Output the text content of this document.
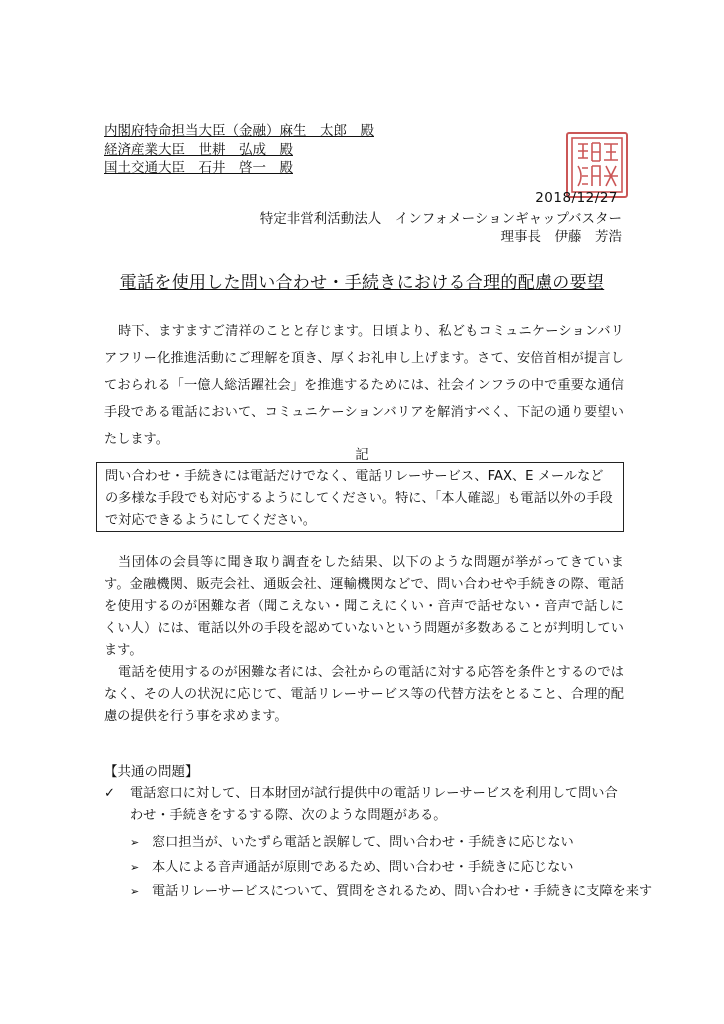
内閣府特命担当大臣（金融）麻生　太郎　殿
経済産業大臣　世耕　弘成　殿
国土交通大臣　石井　啓一　殿
2018/12/27
特定非営利活動法人　インフォメーションギャップバスター
理事長　伊藤　芳浩
電話を使用した問い合わせ・手続きにおける合理的配慮の要望
時下、ますますご清祥のことと存じます。日頃より、私どもコミュニケーションバリアフリー化推進活動にご理解を頂き、厚くお礼申し上げます。さて、安倍首相が提言しておられる「一億人総活躍社会」を推進するためには、社会インフラの中で重要な通信手段である電話において、コミュニケーションバリアを解消すべく、下記の通り要望いたします。
記
問い合わせ・手続きには電話だけでなく、電話リレーサービス、FAX、E メールなどの多様な手段でも対応するようにしてください。特に、「本人確認」も電話以外の手段で対応できるようにしてください。
当団体の会員等に聞き取り調査をした結果、以下のような問題が挙がってきています。金融機関、販売会社、通販会社、運輸機関などで、問い合わせや手続きの際、電話を使用するのが困難な者（聞こえない・聞こえにくい・音声で話せない・音声で話しにくい人）には、電話以外の手段を認めていないという問題が多数あることが判明しています。
電話を使用するのが困難な者には、会社からの電話に対する応答を条件とするのではなく、その人の状況に応じて、電話リレーサービス等の代替方法をとること、合理的配慮の提供を行う事を求めます。
【共通の問題】
✓	電話窓口に対して、日本財団が試行提供中の電話リレーサービスを利用して問い合わせ・手続きをするする際、次のような問題がある。
➢ 窓口担当が、いたずら電話と誤解して、問い合わせ・手続きに応じない
➢ 本人による音声通話が原則であるため、問い合わせ・手続きに応じない
➢ 電話リレーサービスについて、質問をされるため、問い合わせ・手続きに支障を来す
